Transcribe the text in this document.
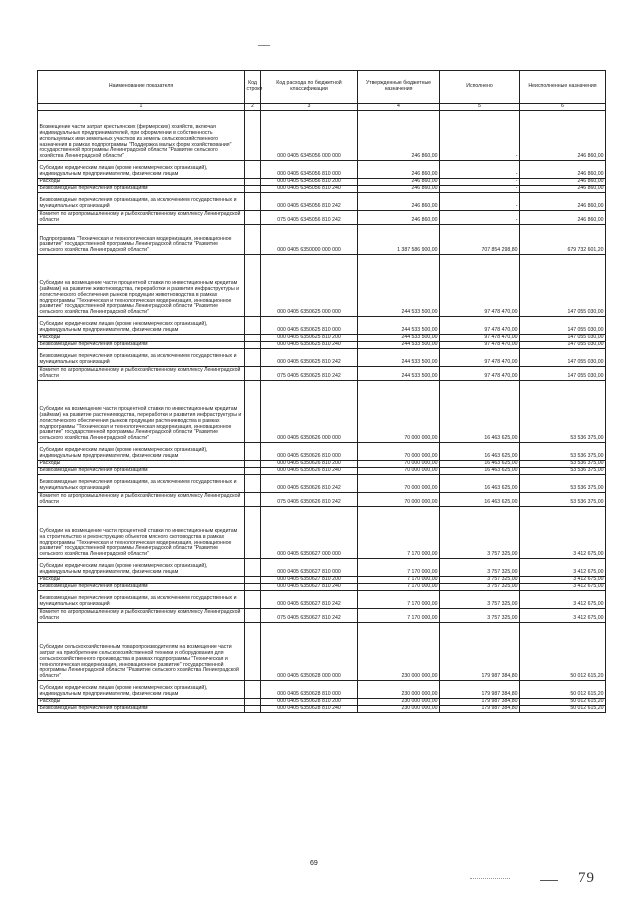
Наименование показателя	Код строки	Код расхода по бюджетной классификации	Утвержденные бюджетные назначения	Исполнено	Неисполненные назначения
1	2	3	4	5	6
Возмещение части затрат крестьянских (фермерских) хозяйств, включая индивидуальных предпринимателей, при оформлении в собственность используемых ими земельных участков из земель сельскохозяйственного назначения в рамках подпрограммы "Поддержка малых форм хозяйствования" государственной программы Ленинградской области "Развитие сельского хозяйства Ленинградской области"		000 0405 6345056 000 000	246 860,00	-	246 860,00
Субсидии юридическим лицам (кроме некоммерческих организаций), индивидуальным предпринимателям, физическим лицам		000 0405 6345056 810 000	246 860,00	-	246 860,00
Расходы		000 0405 6345056 810 200	246 860,00	-	246 860,00
Безвозмездные перечисления организациям		000 0405 6345056 810 240	246 860,00	-	246 860,00
Безвозмездные перечисления организациям, за исключением государственных и муниципальных организаций		000 0405 6345056 810 242	246 860,00	-	246 860,00
Комитет по агропромышленному и рыбохозяйственному комплексу Ленинградской области		075 0405 6345056 810 242	246 860,00	-	246 860,00
Подпрограмма "Техническая и технологическая модернизация, инновационное развитие" государственной программы Ленинградской области "Развитие сельского хозяйства Ленинградской области"		000 0405 6350000 000 000	1 387 586 900,00	707 854 298,80	679 732 601,20
Субсидии на возмещение части процентной ставки по инвестиционным кредитам (займам) на развитие животноводства, переработки и развития инфраструктуры и логистического обеспечения рынков продукции животноводства в рамках подпрограммы "Техническая и технологическая модернизация, инновационное развитие" государственной программы Ленинградской области "Развитие сельского хозяйства Ленинградской области"		000 0405 6350625 000 000	244 533 500,00	97 478 470,00	147 055 030,00
Субсидии юридическим лицам (кроме некоммерческих организаций), индивидуальным предпринимателям, физическим лицам		000 0405 6350625 810 000	244 533 500,00	97 478 470,00	147 055 030,00
Расходы		000 0405 6350625 810 200	244 533 500,00	97 478 470,00	147 055 030,00
Безвозмездные перечисления организациям		000 0405 6350625 810 240	244 533 500,00	97 478 470,00	147 055 030,00
Безвозмездные перечисления организациям, за исключением государственных и муниципальных организаций		000 0405 6350625 810 242	244 533 500,00	97 478 470,00	147 055 030,00
Комитет по агропромышленному и рыбохозяйственному комплексу Ленинградской области		075 0405 6350625 810 242	244 533 500,00	97 478 470,00	147 055 030,00
Субсидии на возмещение части процентной ставки по инвестиционным кредитам (займам) на развитие растениеводства, переработки и развития инфраструктуры и логистического обеспечения рынков продукции растениеводства в рамках подпрограммы "Техническая и технологическая модернизация, инновационное развитие" государственной программы Ленинградской области "Развитие сельского хозяйства Ленинградской области"		000 0405 6350626 000 000	70 000 000,00	16 463 625,00	53 536 375,00
Субсидии юридическим лицам (кроме некоммерческих организаций), индивидуальным предпринимателям, физическим лицам		000 0405 6350626 810 000	70 000 000,00	16 463 625,00	53 536 375,00
Расходы		000 0405 6350626 810 200	70 000 000,00	16 463 625,00	53 536 375,00
Безвозмездные перечисления организациям		000 0405 6350626 810 240	70 000 000,00	16 463 625,00	53 536 375,00
Безвозмездные перечисления организациям, за исключением государственных и муниципальных организаций		000 0405 6350626 810 242	70 000 000,00	16 463 625,00	53 536 375,00
Комитет по агропромышленному и рыбохозяйственному комплексу Ленинградской области		075 0405 6350626 810 242	70 000 000,00	16 463 625,00	53 536 375,00
Субсидии на возмещение части процентной ставки по инвестиционным кредитам на строительство и реконструкцию объектов мясного скотоводства в рамках подпрограммы "Техническая и технологическая модернизация, инновационное развитие" государственной программы Ленинградской области "Развитие сельского хозяйства Ленинградской области"		000 0405 6350627 000 000	7 170 000,00	3 757 325,00	3 412 675,00
Субсидии юридическим лицам (кроме некоммерческих организаций), индивидуальным предпринимателям, физическим лицам		000 0405 6350627 810 000	7 170 000,00	3 757 325,00	3 412 675,00
Расходы		000 0405 6350627 810 200	7 170 000,00	3 757 325,00	3 412 675,00
Безвозмездные перечисления организациям		000 0405 6350627 810 240	7 170 000,00	3 757 325,00	3 412 675,00
Безвозмездные перечисления организациям, за исключением государственных и муниципальных организаций		000 0405 6350627 810 242	7 170 000,00	3 757 325,00	3 412 675,00
Комитет по агропромышленному и рыбохозяйственному комплексу Ленинградской области		075 0405 6350627 810 242	7 170 000,00	3 757 325,00	3 412 675,00
Субсидии сельскохозяйственным товаропроизводителям на возмещение части затрат на приобретение сельскохозяйственной техники и оборудования для сельскохозяйственного производства в рамках подпрограммы "Техническая и технологическая модернизация, инновационное развитие" государственной программы Ленинградской области "Развитие сельского хозяйства Ленинградской области"		000 0405 6350628 000 000	230 000 000,00	179 987 384,80	50 012 615,20
Субсидии юридическим лицам (кроме некоммерческих организаций), индивидуальным предпринимателям, физическим лицам		000 0405 6350628 810 000	230 000 000,00	179 987 384,80	50 012 615,20
Расходы		000 0405 6350628 810 200	230 000 000,00	179 987 384,80	50 012 615,20
Безвозмездные перечисления организациям		000 0405 6350628 810 240	230 000 000,00	179 987 384,80	50 012 615,20
69
79
